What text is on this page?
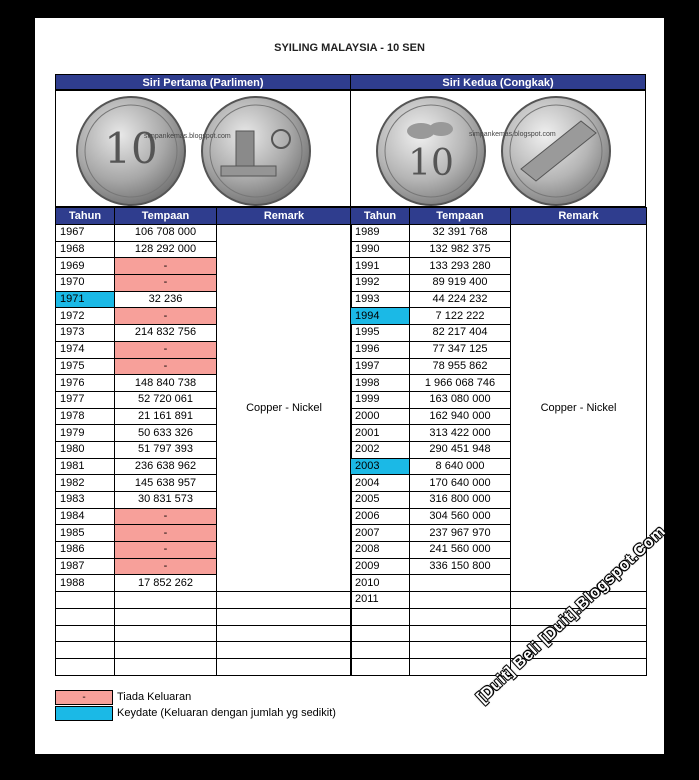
SYILING MALAYSIA - 10 SEN
Siri Pertama (Parlimen)	Siri Kedua (Congkak)
10
simpankemas.blogspot.com
10
simpankemas.blogspot.com
Tahun	Tempaan	Remark
1967	106 708 000	Copper - Nickel
1968	128 292 000	
1969	-	
1970	-	
1971	32 236	
1972	-	
1973	214 832 756	
1974	-	
1975	-	
1976	148 840 738	
1977	52 720 061	
1978	21 161 891	
1979	50 633 326	
1980	51 797 393	
1981	236 638 962	
1982	145 638 957	
1983	30 831 573	
1984	-	
1985	-	
1986	-	
1987	-	
1988	17 852 262	

Tahun	Tempaan	Remark
1989	32 391 768	Copper - Nickel
1990	132 982 375	
1991	133 293 280	
1992	89 919 400	
1993	44 224 232	
1994	7 122 222	
1995	82 217 404	
1996	77 347 125	
1997	78 955 862	
1998	1 966 068 746	
1999	163 080 000	
2000	162 940 000	
2001	313 422 000	
2002	290 451 948	
2003	8 640 000	
2004	170 640 000	
2005	316 800 000	
2006	304 560 000	
2007	237 967 970	
2008	241 560 000	
2009	336 150 800	
2010		
2011		

-	Tiada Keluaran
Keydate (Keluaran dengan jumlah yg sedikit)
[Duit] Beli [Duit].Blogspot.Com
